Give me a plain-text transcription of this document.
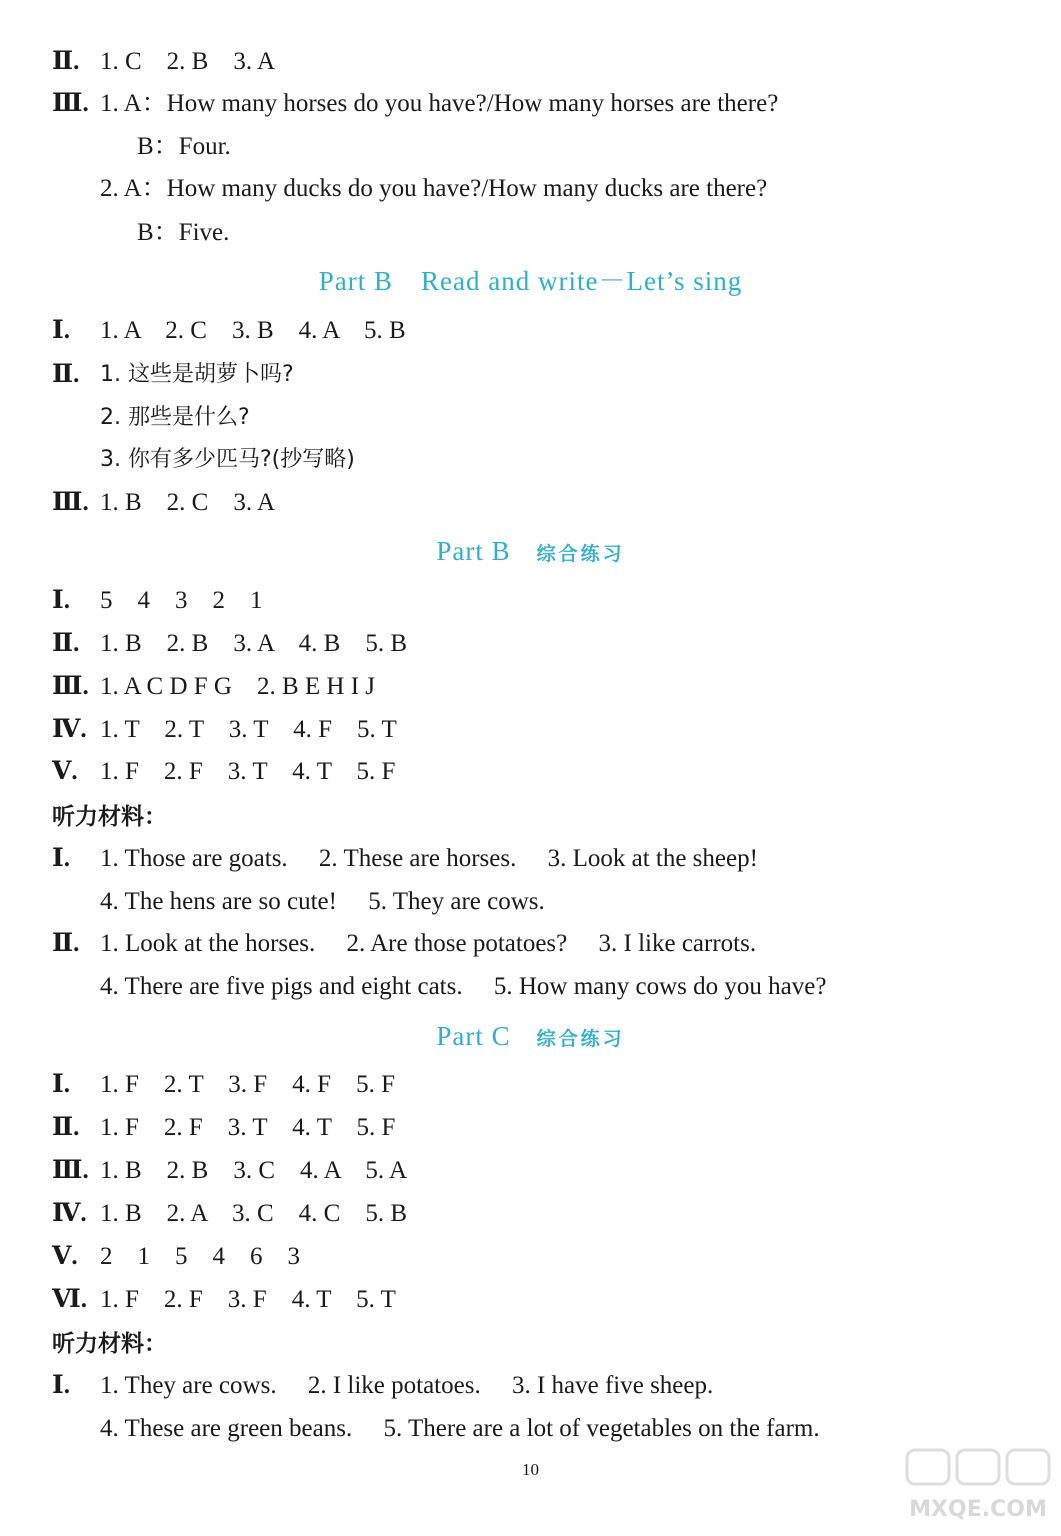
Ⅱ. 1. C　2. B　3. A
Ⅲ. 1. A：How many horses do you have?/How many horses are there?
B：Four.
2. A：How many ducks do you have?/How many ducks are there?
B：Five.
Part B　Read and write－Let’s sing
Ⅰ. 1. A　2. C　3. B　4. A　5. B
Ⅱ. 1. 这些是胡萝卜吗?
2. 那些是什么?
3. 你有多少匹马?(抄写略)
Ⅲ. 1. B　2. C　3. A
Part B 综合练习
Ⅰ. 5　4　3　2　1
Ⅱ. 1. B　2. B　3. A　4. B　5. B
Ⅲ. 1. A C D F G　2. B E H I J
Ⅳ. 1. T　2. T　3. T　4. F　5. T
Ⅴ. 1. F　2. F　3. T　4. T　5. F
听力材料：
Ⅰ. 1. Those are goats.　 2. These are horses.　 3. Look at the sheep!
4. The hens are so cute!　 5. They are cows.
Ⅱ. 1. Look at the horses.　 2. Are those potatoes?　 3. I like carrots.
4. There are five pigs and eight cats.　 5. How many cows do you have?
Part C 综合练习
Ⅰ. 1. F　2. T　3. F　4. F　5. F
Ⅱ. 1. F　2. F　3. T　4. T　5. F
Ⅲ. 1. B　2. B　3. C　4. A　5. A
Ⅳ. 1. B　2. A　3. C　4. C　5. B
Ⅴ. 2　1　5　4　6　3
Ⅵ. 1. F　2. F　3. F　4. T　5. T
听力材料：
Ⅰ. 1. They are cows.　 2. I like potatoes.　 3. I have five sheep.
4. These are green beans.　 5. There are a lot of vegetables on the farm.
10
MXQE.COM
